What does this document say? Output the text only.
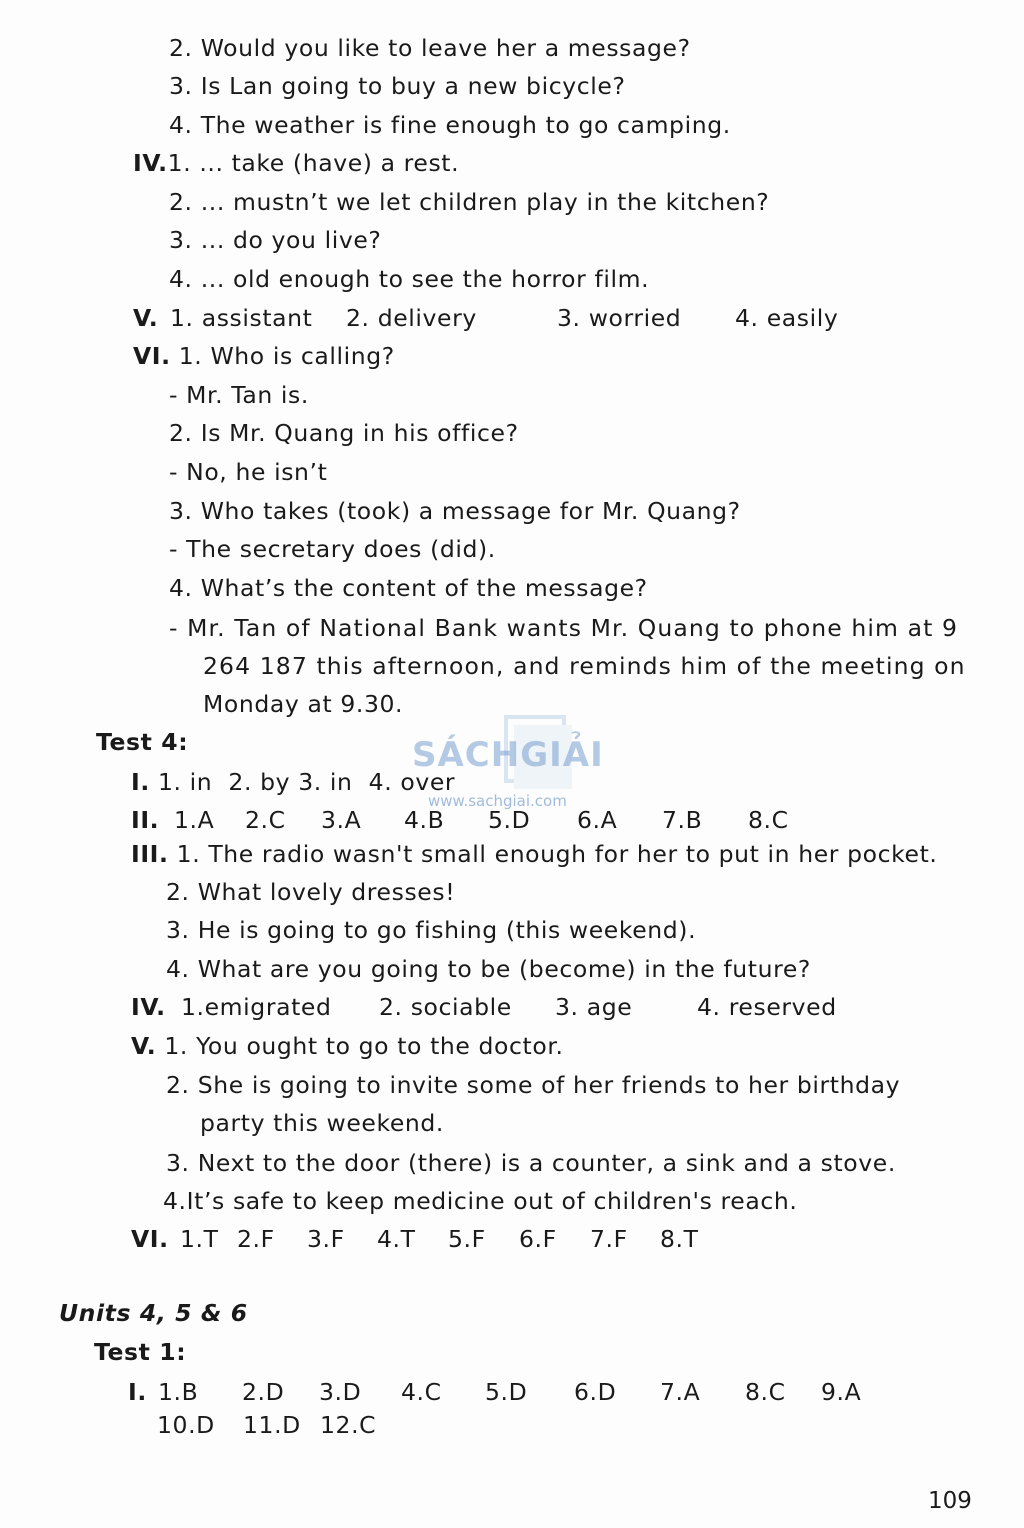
2. Would you like to leave her a message?
3. Is Lan going to buy a new bicycle?
4. The weather is fine enough to go camping.
IV.1. ... take (have) a rest.
2. ... mustn’t we let children play in the kitchen?
3. ... do you live?
4. ... old enough to see the horror film.
V. 1. assistant 2. delivery	3. worried 4. easily
VI. 1. Who is calling?
- Mr. Tan is.
2. Is Mr. Quang in his office?
- No, he isn’t
3. Who takes (took) a message for Mr. Quang?
- The secretary does (did).
4. What’s the content of the message?
- Mr. Tan of National Bank wants Mr. Quang to phone him at 9
264 187 this afternoon, and reminds him of the meeting on
Monday at 9.30.
Test 4:
I. 1. in  2. by 3. in  4. over
II. 1.A 2.C 3.A 4.B 5.D 6.A 7.B 8.C
III. 1. The radio wasn't small enough for her to put in her pocket.
2. What lovely dresses!
3. He is going to go fishing (this weekend).
4. What are you going to be (become) in the future?
IV. 1.emigrated 2. sociable 3. age	4. reserved
V. 1. You ought to go to the doctor.
2. She is going to invite some of her friends to her birthday
party this weekend.
3. Next to the door (there) is a counter, a sink and a stove.
4.It’s safe to keep medicine out of children's reach.
VI. 1.T 2.F 3.F 4.T 5.F 6.F 7.F 8.T
Units 4, 5 & 6
Test 1:
I. 1.B 2.D 3.D 4.C 5.D 6.D 7.A 8.C 9.A
10.D 11.D 12.C
SÁCHGIẢI
www.sachgiai.com
109
